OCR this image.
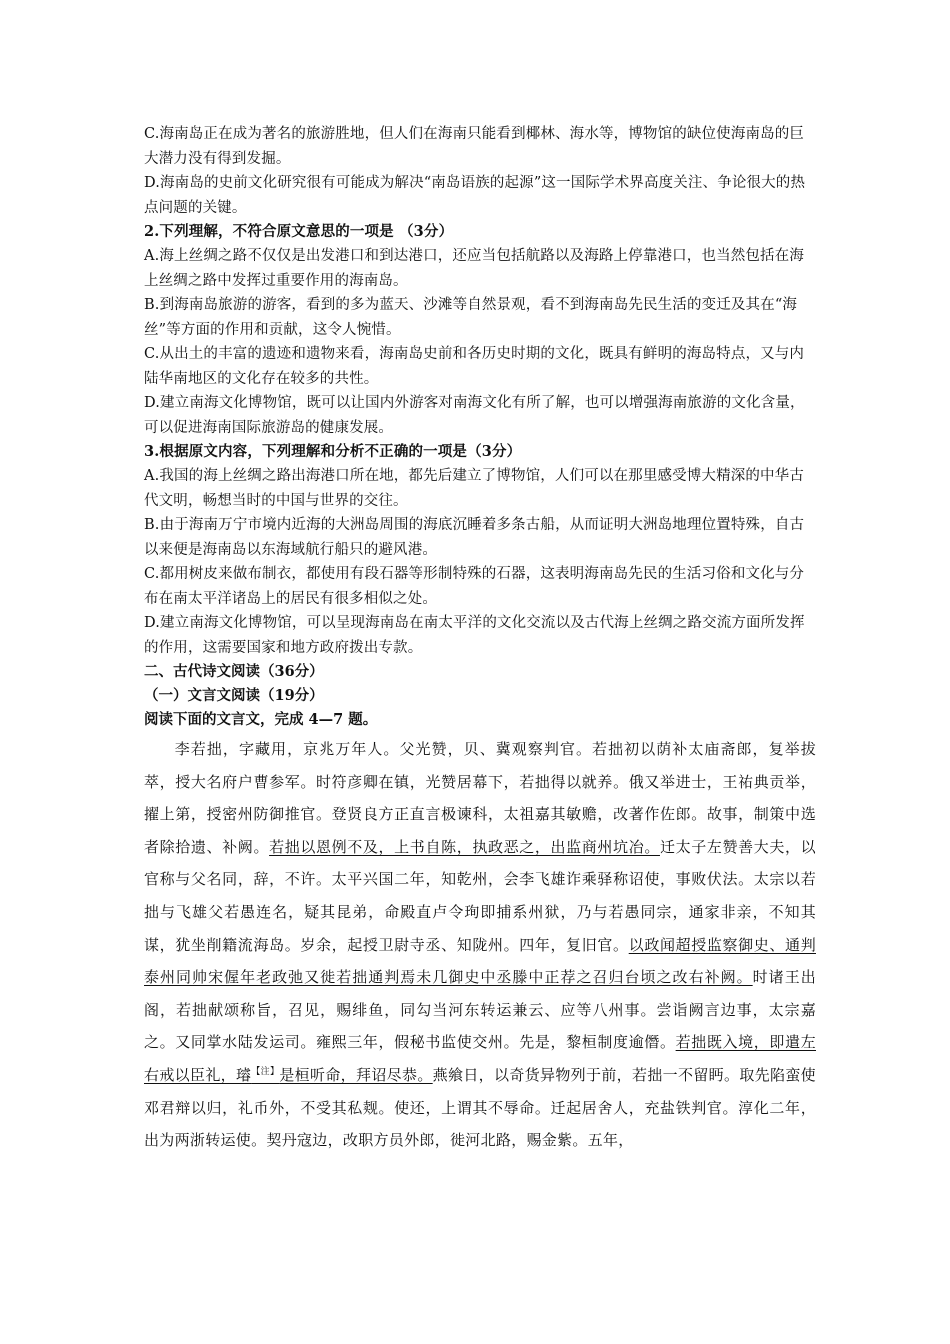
C.海南岛正在成为著名的旅游胜地，但人们在海南只能看到椰林、海水等，博物馆的缺位使海南岛的巨大潜力没有得到发掘。

D.海南岛的史前文化研究很有可能成为解决“南岛语族的起源”这一国际学术界高度关注、争论很大的热点问题的关键。

2.下列理解，不符合原文意思的一项是 （3分）

A.海上丝绸之路不仅仅是出发港口和到达港口，还应当包括航路以及海路上停靠港口，也当然包括在海上丝绸之路中发挥过重要作用的海南岛。

B.到海南岛旅游的游客，看到的多为蓝天、沙滩等自然景观，看不到海南岛先民生活的变迁及其在“海丝”等方面的作用和贡献，这令人惋惜。

C.从出土的丰富的遗迹和遗物来看，海南岛史前和各历史时期的文化，既具有鲜明的海岛特点，又与内陆华南地区的文化存在较多的共性。

D.建立南海文化博物馆，既可以让国内外游客对南海文化有所了解，也可以增强海南旅游的文化含量，可以促进海南国际旅游岛的健康发展。

3.根据原文内容，下列理解和分析不正确的一项是（3分）

A.我国的海上丝绸之路出海港口所在地，都先后建立了博物馆，人们可以在那里感受博大精深的中华古代文明，畅想当时的中国与世界的交往。

B.由于海南万宁市境内近海的大洲岛周围的海底沉睡着多条古船，从而证明大洲岛地理位置特殊，自古以来便是海南岛以东海域航行船只的避风港。

C.都用树皮来做布制衣，都使用有段石器等形制特殊的石器，这表明海南岛先民的生活习俗和文化与分布在南太平洋诸岛上的居民有很多相似之处。

D.建立南海文化博物馆，可以呈现海南岛在南太平洋的文化交流以及古代海上丝绸之路交流方面所发挥的作用，这需要国家和地方政府拨出专款。

二、古代诗文阅读（36分）

（一）文言文阅读（19分）

阅读下面的文言文，完成 4—7 题。

李若拙，字藏用，京兆万年人。父光赞，贝、冀观察判官。若拙初以荫补太庙斋郎，复举拔萃，授大名府户曹参军。时符彦卿在镇，光赞居幕下，若拙得以就养。俄又举进士，王祐典贡举，擢上第，授密州防御推官。登贤良方正直言极谏科，太祖嘉其敏赡，改著作佐郎。故事，制策中选者除拾遗、补阙。若拙以恩例不及，上书自陈，执政恶之，出监商州坑冶。迁太子左赞善大夫，以官称与父名同，辞，不许。太平兴国二年，知乾州，会李飞雄诈乘驿称诏使，事败伏法。太宗以若拙与飞雄父若愚连名，疑其昆弟，命殿直卢令珣即捕系州狱，乃与若愚同宗，通家非亲，不知其谋，犹坐削籍流海岛。岁余，起授卫尉寺丞、知陇州。四年，复旧官。以政闻超授监察御史、通判泰州同帅宋偓年老政弛又徙若拙通判焉未几御史中丞滕中正荐之召归台顷之改右补阙。时诸王出阁，若拙献颂称旨，召见，赐绯鱼，同勾当河东转运兼云、应等八州事。尝诣阙言边事，太宗嘉之。又同掌水陆发运司。雍熙三年，假秘书监使交州。先是，黎桓制度逾僭。若拙既入境，即遣左右戒以臣礼，璿$^{【注】}$是桓听命，拜诏尽恭。燕飨日，以奇货异物列于前，若拙一不留眄。取先陷蛮使邓君辩以归，礼币外，不受其私觌。使还，上谓其不辱命。迁起居舍人，充盐铁判官。淳化二年，出为两浙转运使。契丹寇边，改职方员外郎，徙河北路，赐金紫。五年，
